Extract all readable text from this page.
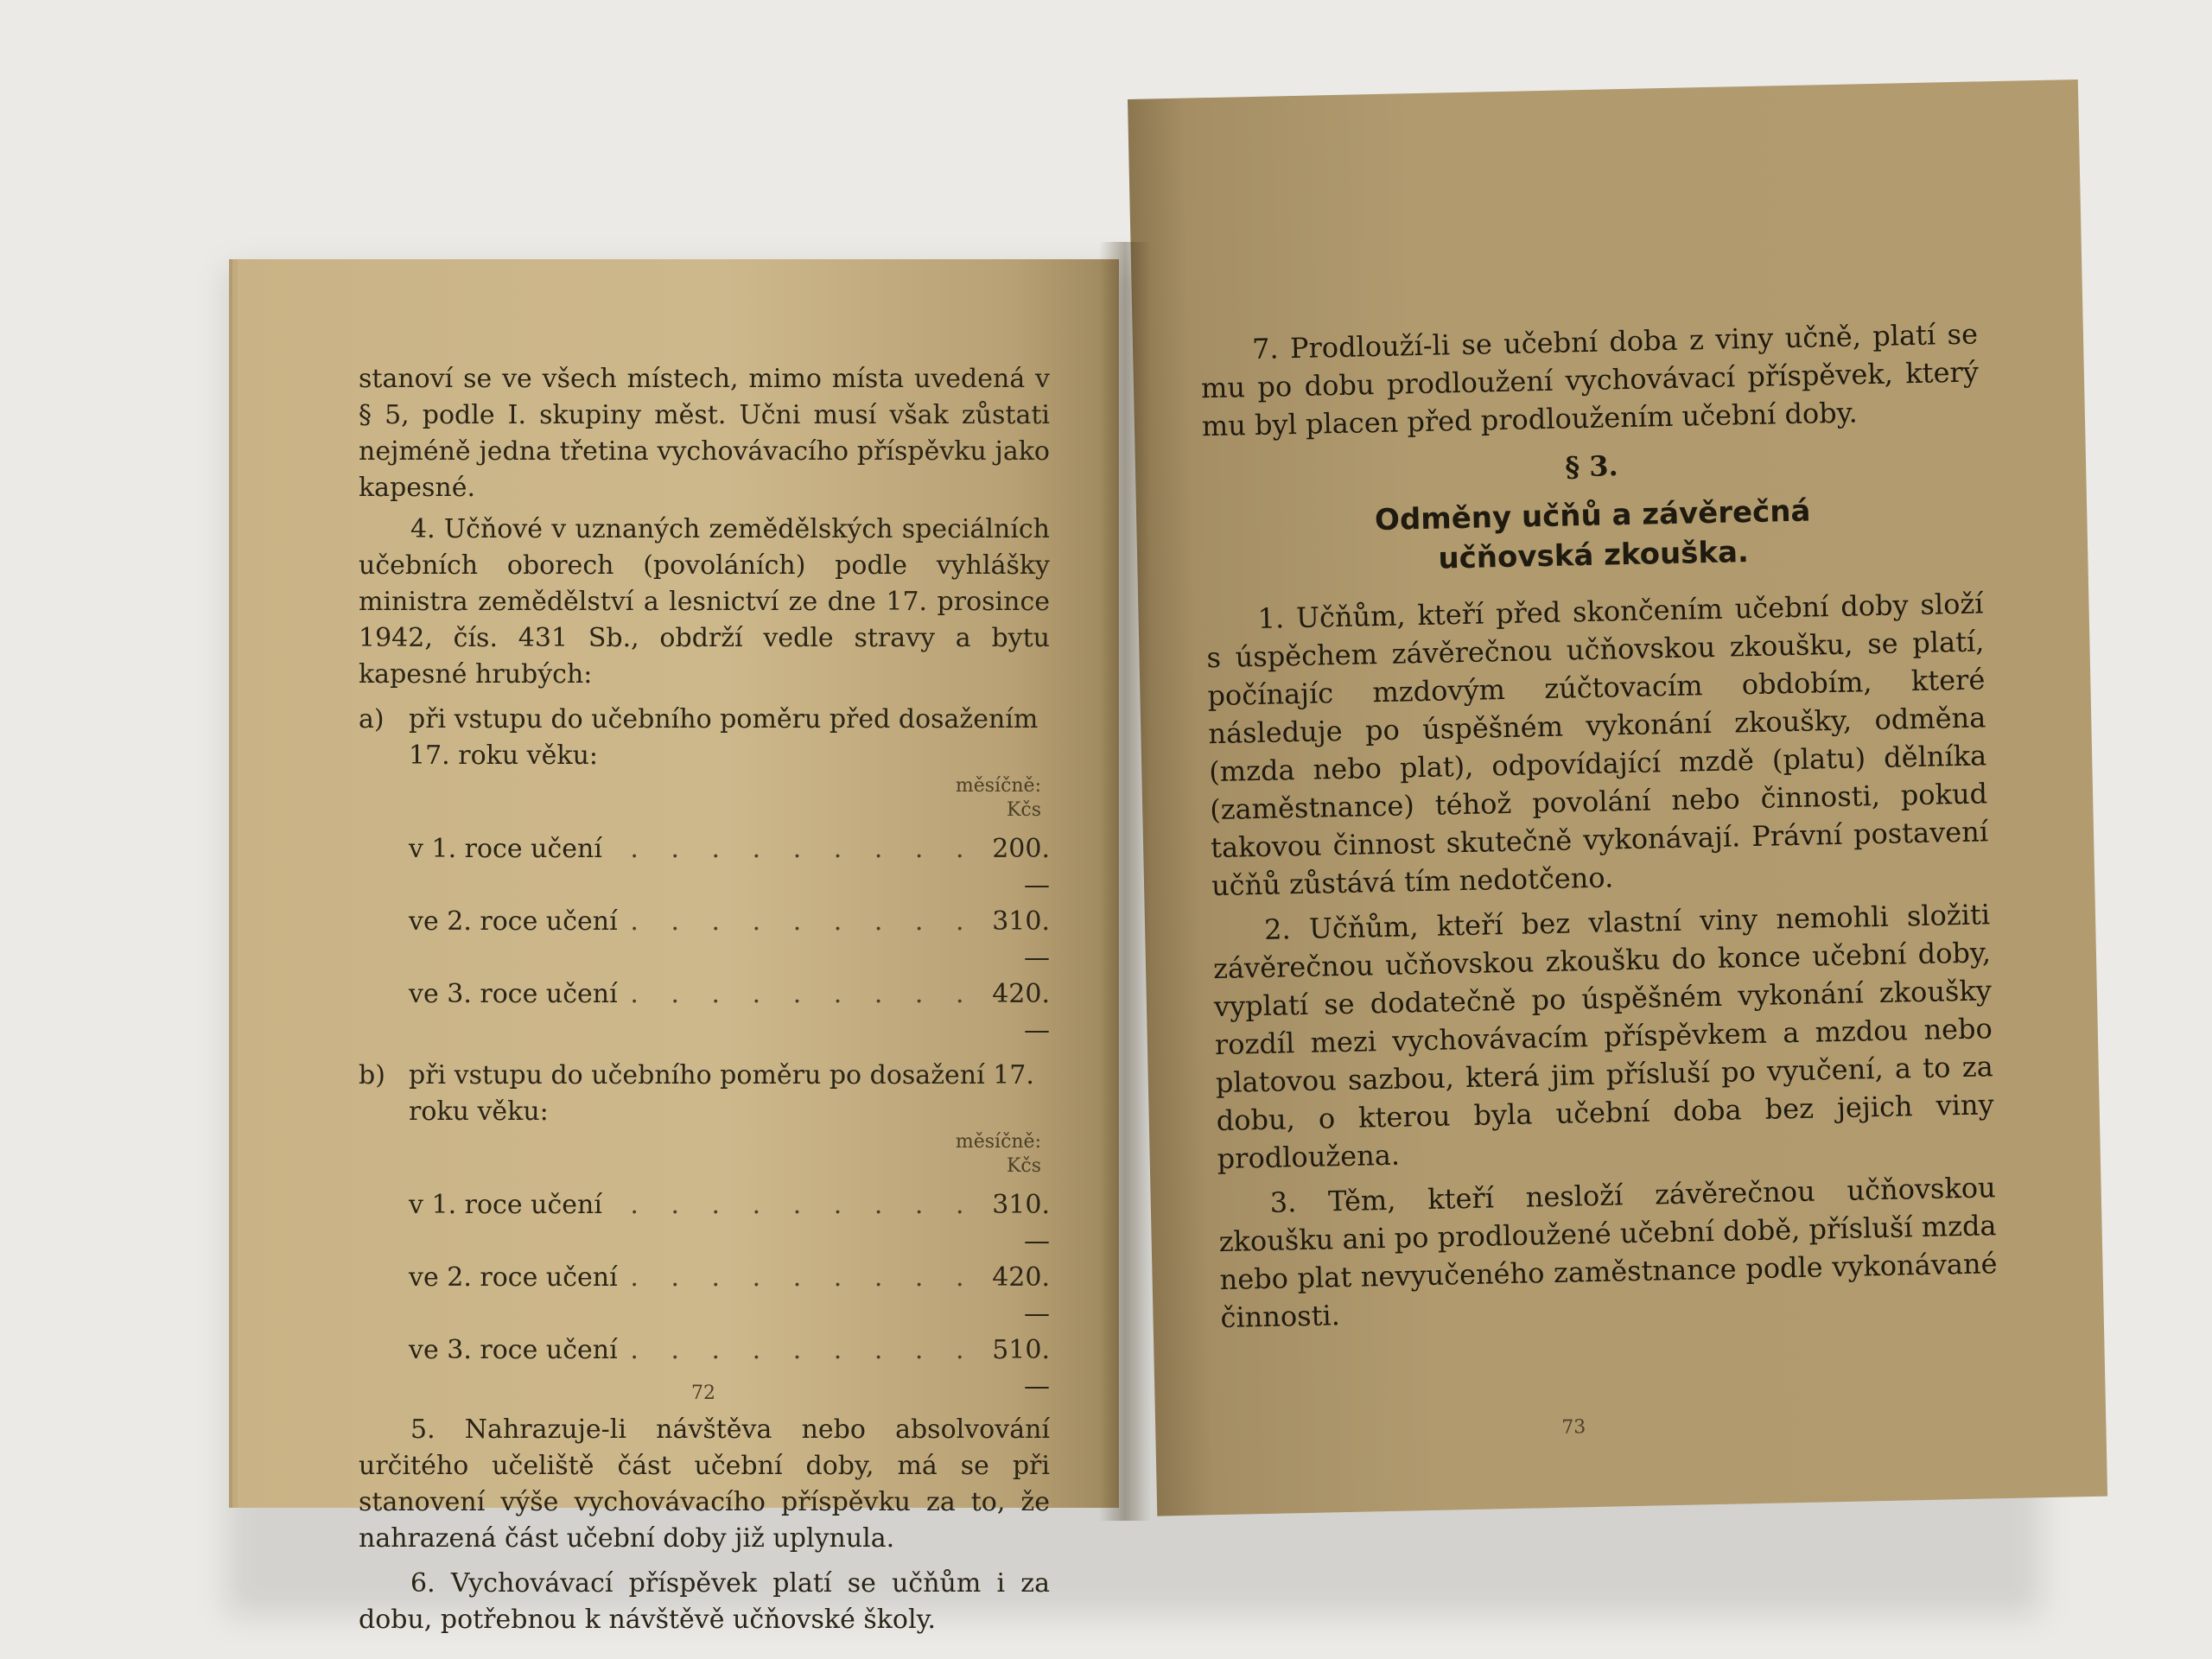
stanoví se ve všech místech, mimo místa uvedená v § 5, podle I. skupiny měst. Učni musí však zůstati nejméně jedna třetina vychovávacího příspěvku jako kapesné.

4. Učňové v uznaných zemědělských speciálních učebních oborech (povoláních) podle vyhlášky ministra zemědělství a lesnictví ze dne 17. prosince 1942, čís. 431 Sb., obdrží vedle stravy a bytu kapesné hrubých:

a) při vstupu do učebního poměru před dosažením 17. roku věku:
měsíčně:
Kčs
v 1. roce učení	. . . . . . . . . 200.—
ve 2. roce učení . . . . . . . . . 310.—
ve 3. roce učení . . . . . . . . . 420.—
b) při vstupu do učebního poměru po dosažení 17. roku věku:
měsíčně:
Kčs
v 1. roce učení	. . . . . . . . . 310.—
ve 2. roce učení . . . . . . . . . 420.—
ve 3. roce učení . . . . . . . . . 510.—

5. Nahrazuje-li návštěva nebo absolvování určitého učeliště část učební doby, má se při stanovení výše vychovávacího příspěvku za to, že nahrazená část učební doby již uplynula.

6. Vychovávací příspěvek platí se učňům i za dobu, potřebnou k návštěvě učňovské školy.

72

7. Prodlouží-li se učební doba z viny učně, platí se mu po dobu prodloužení vychovávací příspěvek, který mu byl placen před prodloužením učební doby.

§ 3.
Odměny učňů a závěrečná
učňovská zkouška.

1. Učňům, kteří před skončením učební doby složí s úspěchem závěrečnou učňovskou zkoušku, se platí, počínajíc mzdovým zúčtovacím obdobím, které následuje po úspěšném vykonání zkoušky, odměna (mzda nebo plat), odpovídající mzdě (platu) dělníka (zaměstnance) téhož povolání nebo činnosti, pokud takovou činnost skutečně vykonávají. Právní postavení učňů zůstává tím nedotčeno.

2. Učňům, kteří bez vlastní viny nemohli složiti závěrečnou učňovskou zkoušku do konce učební doby, vyplatí se dodatečně po úspěšném vykonání zkoušky rozdíl mezi vychovávacím příspěvkem a mzdou nebo platovou sazbou, která jim přísluší po vyučení, a to za dobu, o kterou byla učební doba bez jejich viny prodloužena.

3. Těm, kteří nesloží závěrečnou učňovskou zkoušku ani po prodloužené učební době, přísluší mzda nebo plat nevyučeného zaměstnance podle vykonávané činnosti.

73
